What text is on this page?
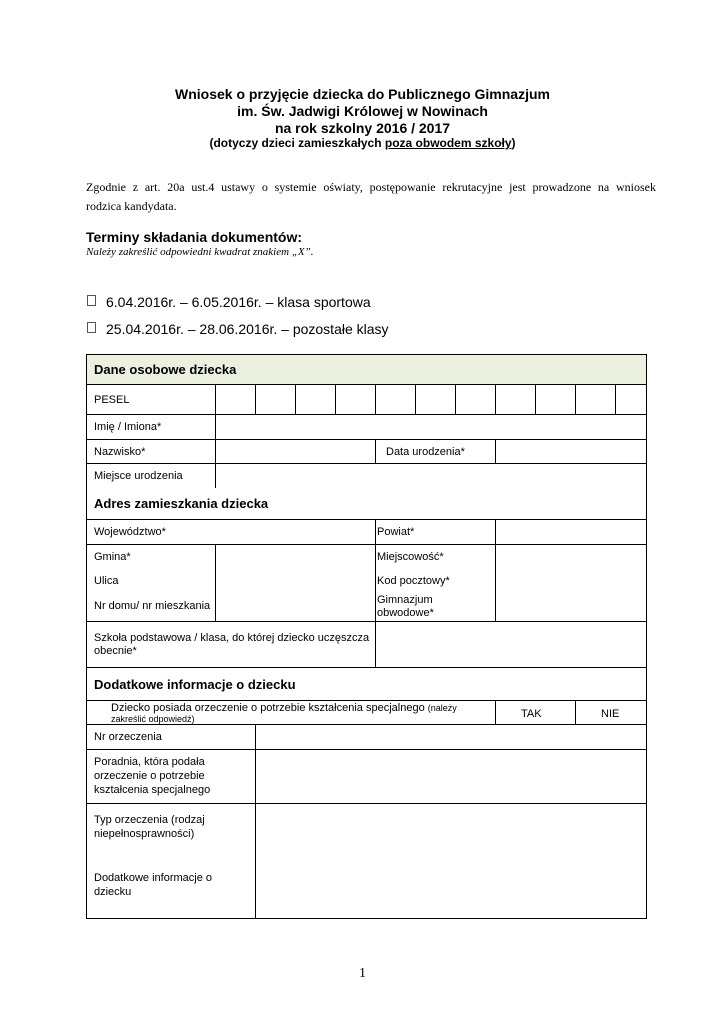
Wniosek o przyjęcie dziecka do Publicznego Gimnazjum
im. Św. Jadwigi Królowej w Nowinach
na rok szkolny 2016 / 2017
(dotyczy dzieci zamieszkałych poza obwodem szkoły)
Zgodnie z art. 20a ust.4 ustawy o systemie oświaty, postępowanie rekrutacyjne jest prowadzone na wniosek
rodzica kandydata.
Terminy składania dokumentów:
Należy zakreślić odpowiedni kwadrat znakiem „X”.
6.04.2016r. – 6.05.2016r. – klasa sportowa
25.04.2016r. – 28.06.2016r. – pozostałe klasy
Dane osobowe dziecka
PESEL
Imię / Imiona*
Nazwisko*	Data urodzenia*
Miejsce urodzenia
Adres zamieszkania dziecka
Województwo*	Powiat*
Gmina*	Miejscowość*
Ulica	Kod pocztowy*
Nr domu/ nr mieszkania	Gimnazjum
obwodowe*
Szkoła podstawowa / klasa, do której dziecko uczęszcza
obecnie*
Dodatkowe informacje o dziecku
Dziecko posiada orzeczenie o potrzebie kształcenia specjalnego (należy
zakreślić odpowiedź)	TAK	NIE
Nr orzeczenia
Poradnia, która podała
orzeczenie o potrzebie
kształcenia specjalnego
Typ orzeczenia (rodzaj
niepełnosprawności)
Dodatkowe informacje o
dziecku
1
